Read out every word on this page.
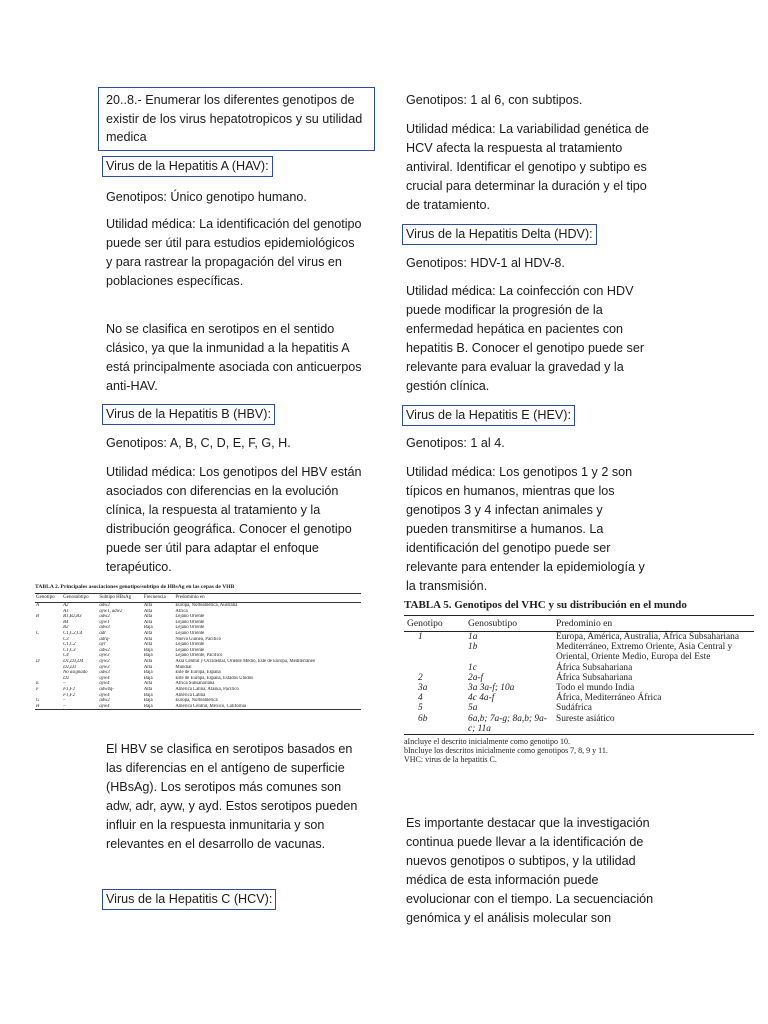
20..8.- Enumerar los diferentes genotipos de existir de los virus hepatotropicos y su utilidad medica
Virus de la Hepatitis A (HAV):

Genotipos: Único genotipo humano.

Utilidad médica: La identificación del genotipo puede ser útil para estudios epidemiológicos y para rastrear la propagación del virus en poblaciones específicas.

No se clasifica en serotipos en el sentido clásico, ya que la inmunidad a la hepatitis A está principalmente asociada con anticuerpos anti-HAV.

Virus de la Hepatitis B (HBV):

Genotipos: A, B, C, D, E, F, G, H.

Utilidad médica: Los genotipos del HBV están asociados con diferencias en la evolución clínica, la respuesta al tratamiento y la distribución geográfica. Conocer el genotipo puede ser útil para adaptar el enfoque terapéutico.

TABLA 2. Principales asociaciones genotipo/subtipo de HBsAg en las cepas de VHB
Genotipo	Genosubtipo	Subtipo HBsAg	Frecuencia	Predominio en
A	A2	adw2	Alta	Europa, Norteamérica, Australia
	A1	ayw1, adw2	Alta	África
B	B1,B2,B3	adw2	Alta	Lejano Oriente
	B4	ayw1	Alta	Lejano Oriente
	B2	adw3	Baja	Lejano Oriente
C	C1,C2,C4	adr	Alta	Lejano Oriente
	C3	adrq-	Alta	Nueva Guinea, Pacífico
	C1,C2	ayr	Alta	Lejano Oriente
	C1,C3	adw2	Baja	Lejano Oriente
	C4	ayw3	Baja	Lejano Oriente, Pacífico
D	D1,D3,D4	ayw2	Alta	Asia Central y Occidental, Oriente Medio, Este de Europa, Mediterráneo
	D2,D3	ayw3	Alta	Mundial
	No asignado	adw3	Baja	Este de Europa, España
	D2	ayw4	Baja	Este de Europa, España, Estados Unidos
E	–	ayw4	Alta	África Subsahariana
F	F1,F2	adw4q-	Alta	América Latina, Alaska, Pacífico
	F1,F2	ayw4	Baja	América Latina
G	–	adw2	Baja	Europa, Norteamérica
H	–	ayw4	Baja	América Central, México, California

El HBV se clasifica en serotipos basados en las diferencias en el antígeno de superficie (HBsAg). Los serotipos más comunes son adw, adr, ayw, y ayd. Estos serotipos pueden influir en la respuesta inmunitaria y son relevantes en el desarrollo de vacunas.

Virus de la Hepatitis C (HCV):

Genotipos: 1 al 6, con subtipos.

Utilidad médica: La variabilidad genética de HCV afecta la respuesta al tratamiento antiviral. Identificar el genotipo y subtipo es crucial para determinar la duración y el tipo de tratamiento.

Virus de la Hepatitis Delta (HDV):

Genotipos: HDV-1 al HDV-8.

Utilidad médica: La coinfección con HDV puede modificar la progresión de la enfermedad hepática en pacientes con hepatitis B. Conocer el genotipo puede ser relevante para evaluar la gravedad y la gestión clínica.

Virus de la Hepatitis E (HEV):

Genotipos: 1 al 4.

Utilidad médica: Los genotipos 1 y 2 son típicos en humanos, mientras que los genotipos 3 y 4 infectan animales y pueden transmitirse a humanos. La identificación del genotipo puede ser relevante para entender la epidemiología y la transmisión.

TABLA 5. Genotipos del VHC y su distribución en el mundo
Genotipo	Genosubtipo	Predominio en
1	1a	Europa, América, Australia, África Subsahariana
	1b	Mediterráneo, Extremo Oriente, Asia Central y Oriental, Oriente Medio, Europa del Este
	1c	África Subsahariana
2	2a-f	África Subsahariana
3a	3a 3a-f; 10a	Todo el mundo India
4	4c 4a-f	África, Mediterráneo África
5	5a	Sudáfrica
6b	6a,b; 7a-g; 8a,b; 9a-c; 11a	Sureste asiático
aIncluye el descrito inicialmente como genotipo 10.
bIncluye los descritos inicialmente como genotipos 7, 8, 9 y 11.
VHC: virus de la hepatitis C.

Es importante destacar que la investigación continua puede llevar a la identificación de nuevos genotipos o subtipos, y la utilidad médica de esta información puede evolucionar con el tiempo. La secuenciación genómica y el análisis molecular son
